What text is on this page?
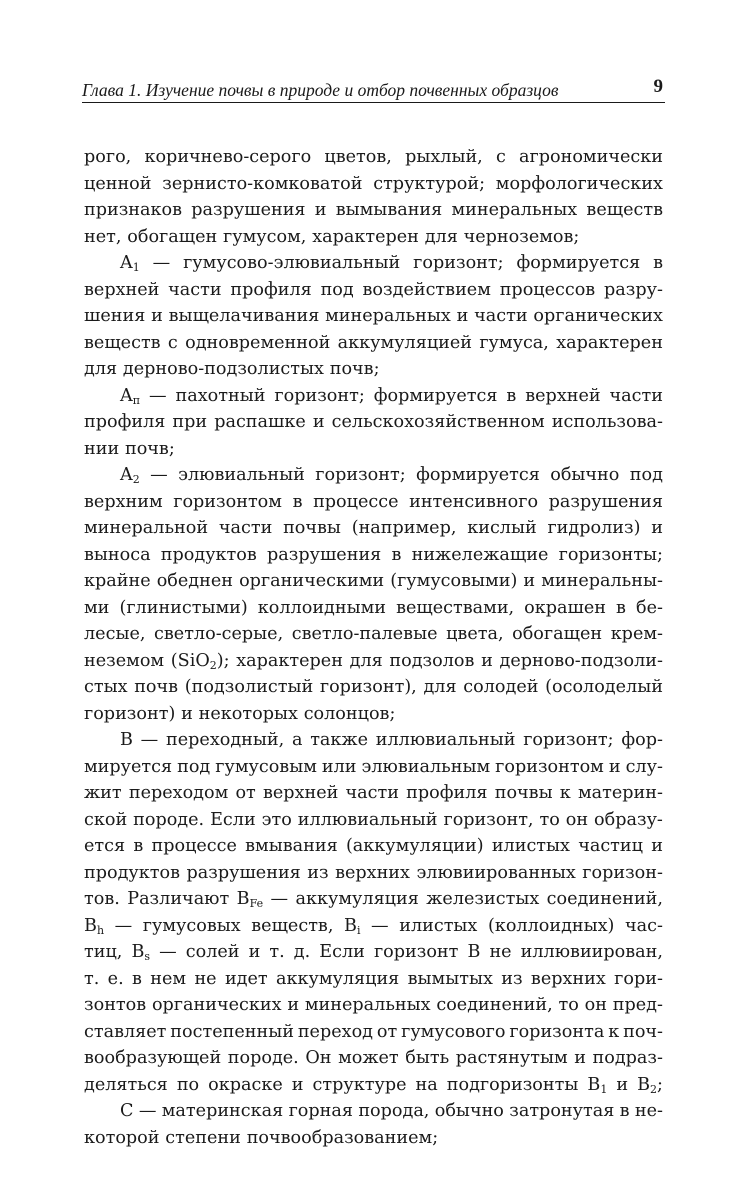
Глава 1. Изучение почвы в природе и отбор почвенных образцов	9
рого, коричнево-серого цветов, рыхлый, с агрономически
ценной зернисто-комковатой структурой; морфологических
признаков разрушения и вымывания минеральных веществ
нет, обогащен гумусом, характерен для черноземов;
$A_1$ — гумусово-элювиальный горизонт; формируется в
верхней части профиля под воздействием процессов разру-
шения и выщелачивания минеральных и части органических
веществ с одновременной аккумуляцией гумуса, характерен
для дерново-подзолистых почв;
$A_п$ — пахотный горизонт; формируется в верхней части
профиля при распашке и сельскохозяйственном использова-
нии почв;
$A_2$ — элювиальный горизонт; формируется обычно под
верхним горизонтом в процессе интенсивного разрушения
минеральной части почвы (например, кислый гидролиз) и
выноса продуктов разрушения в нижележащие горизонты;
крайне обеднен органическими (гумусовыми) и минеральны-
ми (глинистыми) коллоидными веществами, окрашен в бе-
лесые, светло-серые, светло-палевые цвета, обогащен крем-
неземом (SiO$_2$); характерен для подзолов и дерново-подзоли-
стых почв (подзолистый горизонт), для солодей (осолоделый
горизонт) и некоторых солонцов;
B — переходный, а также иллювиальный горизонт; фор-
мируется под гумусовым или элювиальным горизонтом и слу-
жит переходом от верхней части профиля почвы к материн-
ской породе. Если это иллювиальный горизонт, то он образу-
ется в процессе вмывания (аккумуляции) илистых частиц и
продуктов разрушения из верхних элювиированных горизон-
тов. Различают $B_{Fe}$ — аккумуляция железистых соединений,
$B_h$ — гумусовых веществ, $B_i$ — илистых (коллоидных) час-
тиц, $B_s$ — солей и т. д. Если горизонт B не иллювиирован,
т. е. в нем не идет аккумуляция вымытых из верхних гори-
зонтов органических и минеральных соединений, то он пред-
ставляет постепенный переход от гумусового горизонта к поч-
вообразующей породе. Он может быть растянутым и подраз-
деляться по окраске и структуре на подгоризонты $B_1$ и $B_2$;
C — материнская горная порода, обычно затронутая в не-
которой степени почвообразованием;
